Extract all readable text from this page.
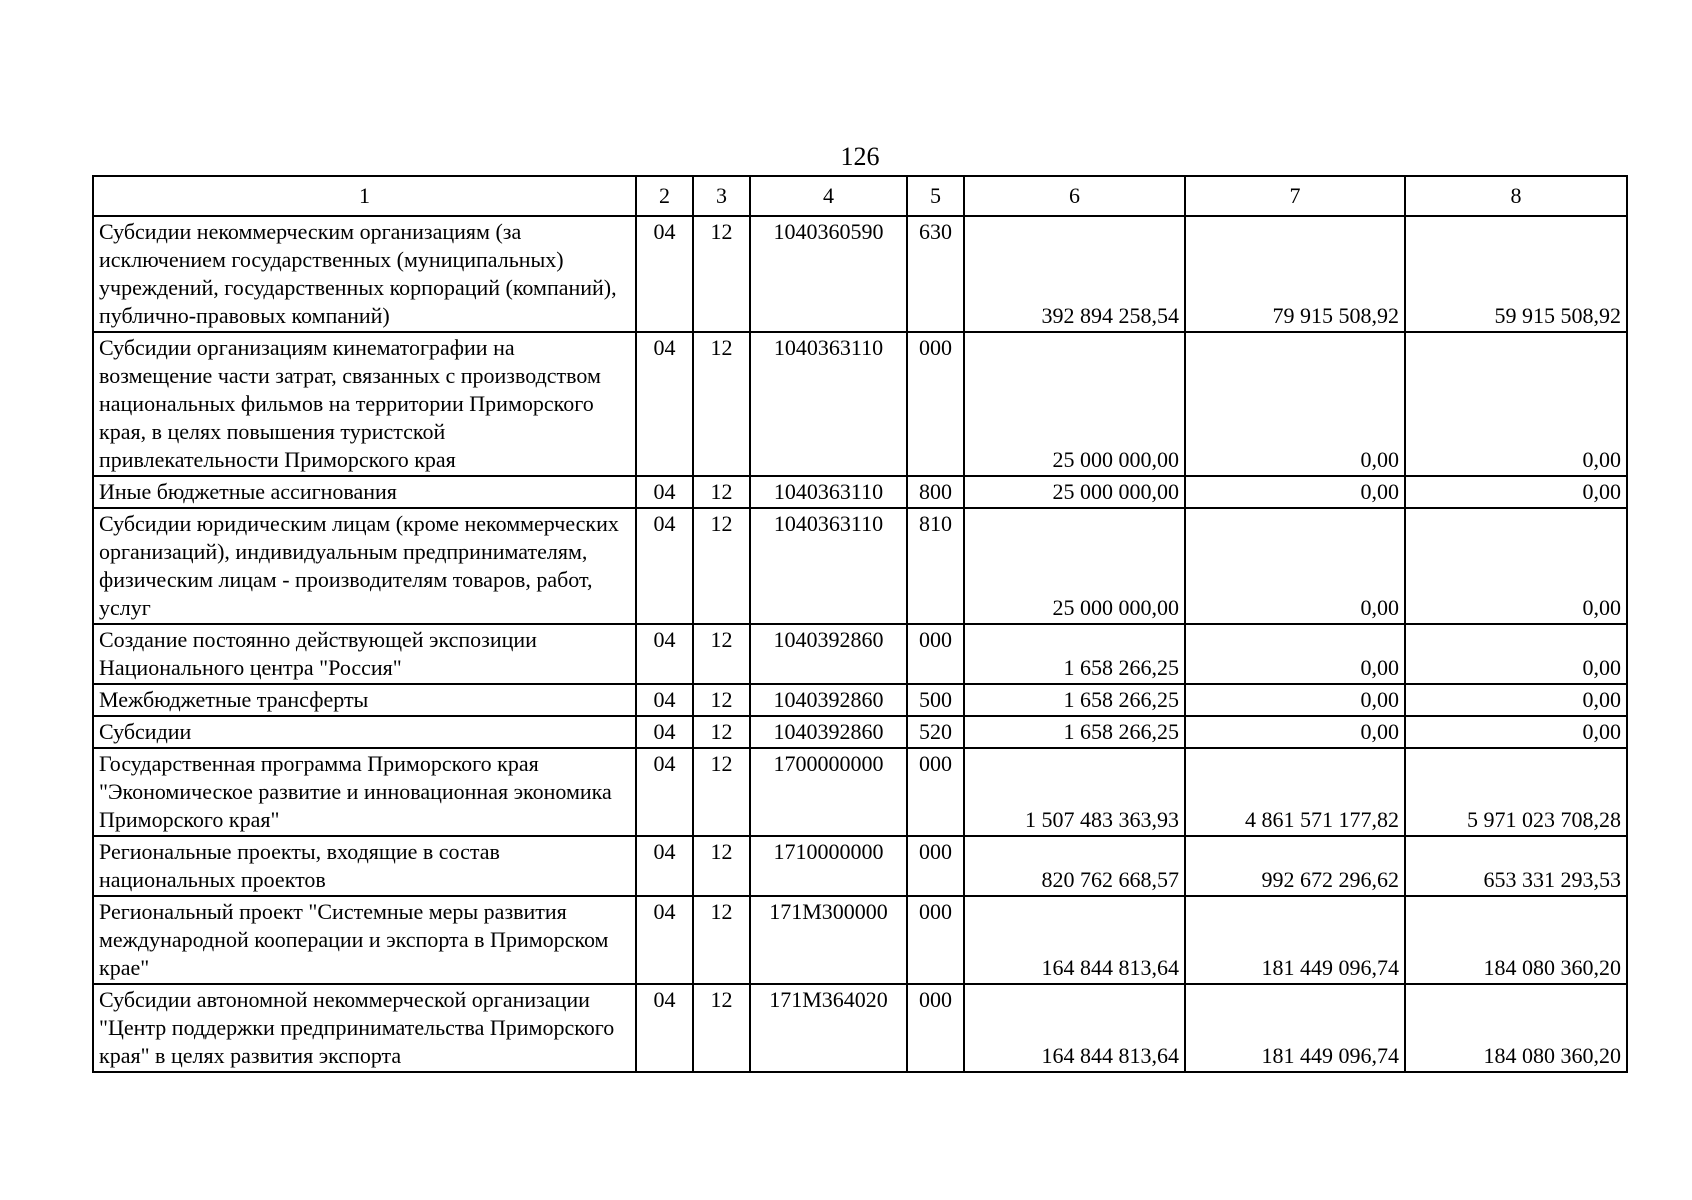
126
1	2	3	4	5	6	7	8
Субсидии некоммерческим организациям (за исключением государственных (муниципальных) учреждений, государственных корпораций (компаний), публично-правовых компаний)	04	12	1040360590	630	392 894 258,54	79 915 508,92	59 915 508,92
Субсидии организациям кинематографии на возмещение части затрат, связанных с производством национальных фильмов на территории Приморского края, в целях повышения туристской привлекательности Приморского края	04	12	1040363110	000	25 000 000,00	0,00	0,00
Иные бюджетные ассигнования	04	12	1040363110	800	25 000 000,00	0,00	0,00
Субсидии юридическим лицам (кроме некоммерческих организаций), индивидуальным предпринимателям, физическим лицам - производителям товаров, работ, услуг	04	12	1040363110	810	25 000 000,00	0,00	0,00
Создание постоянно действующей экспозиции Национального центра "Россия"	04	12	1040392860	000	1 658 266,25	0,00	0,00
Межбюджетные трансферты	04	12	1040392860	500	1 658 266,25	0,00	0,00
Субсидии	04	12	1040392860	520	1 658 266,25	0,00	0,00
Государственная программа Приморского края "Экономическое развитие и инновационная экономика Приморского края"	04	12	1700000000	000	1 507 483 363,93	4 861 571 177,82	5 971 023 708,28
Региональные проекты, входящие в состав национальных проектов	04	12	1710000000	000	820 762 668,57	992 672 296,62	653 331 293,53
Региональный проект "Системные меры развития международной кооперации и экспорта в Приморском крае"	04	12	171М300000	000	164 844 813,64	181 449 096,74	184 080 360,20
Субсидии автономной некоммерческой организации "Центр поддержки предпринимательства Приморского края" в целях развития экспорта	04	12	171М364020	000	164 844 813,64	181 449 096,74	184 080 360,20
